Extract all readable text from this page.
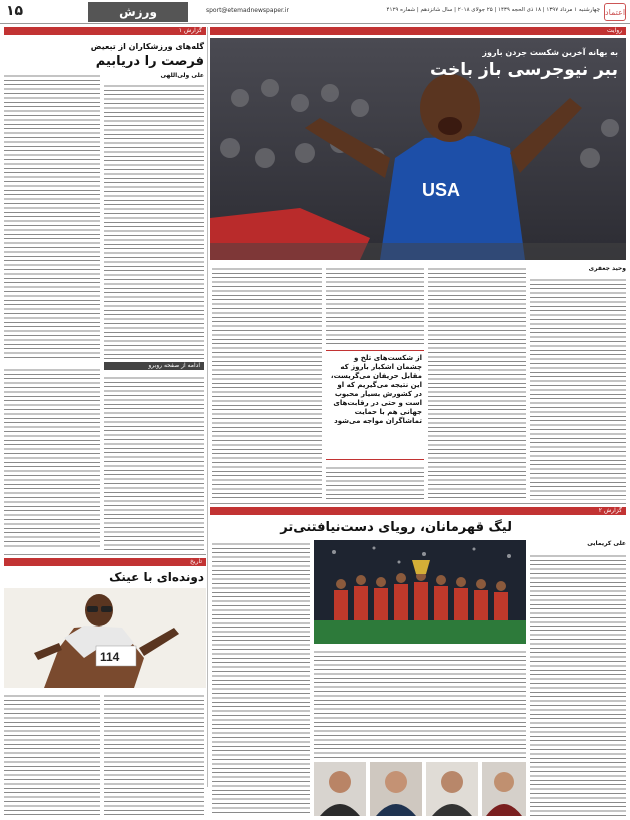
۱۵	ورزش	sport@etemadnewspaper.ir	چهارشنبه ۱ مرداد ۱۳۹۷ | ۱۸ ذی الحجه ۱۴۳۹ | ۲۵ جولای ۲۰۱۸ | سال شانزدهم | شماره ۴۱۲۹ اعتماد
روایت
گزارش ۱
گله‌های ورزشکاران از تبعیض
فرصت را دریابیم
علی ولی‌اللهی
ادامه از صفحه روبرو
تاریخ
دونده‌ای با عینک
114
USA
به بهانه آخرین شکست جردن باروز
ببر نیوجرسی باز باخت
وحید جعفری
از شکست‌های تلخ و چشمان اشکبار باروز که مقابل حریفان می‌گریست، این نتیجه می‌گیریم که او در کشورش بسیار محبوب است و حتی در رقابت‌های جهانی هم با حمایت تماشاگران مواجه می‌شود
گزارش ۲
لیگ قهرمانان، رویای دست‌نیافتنی‌تر
علی کریمایی
